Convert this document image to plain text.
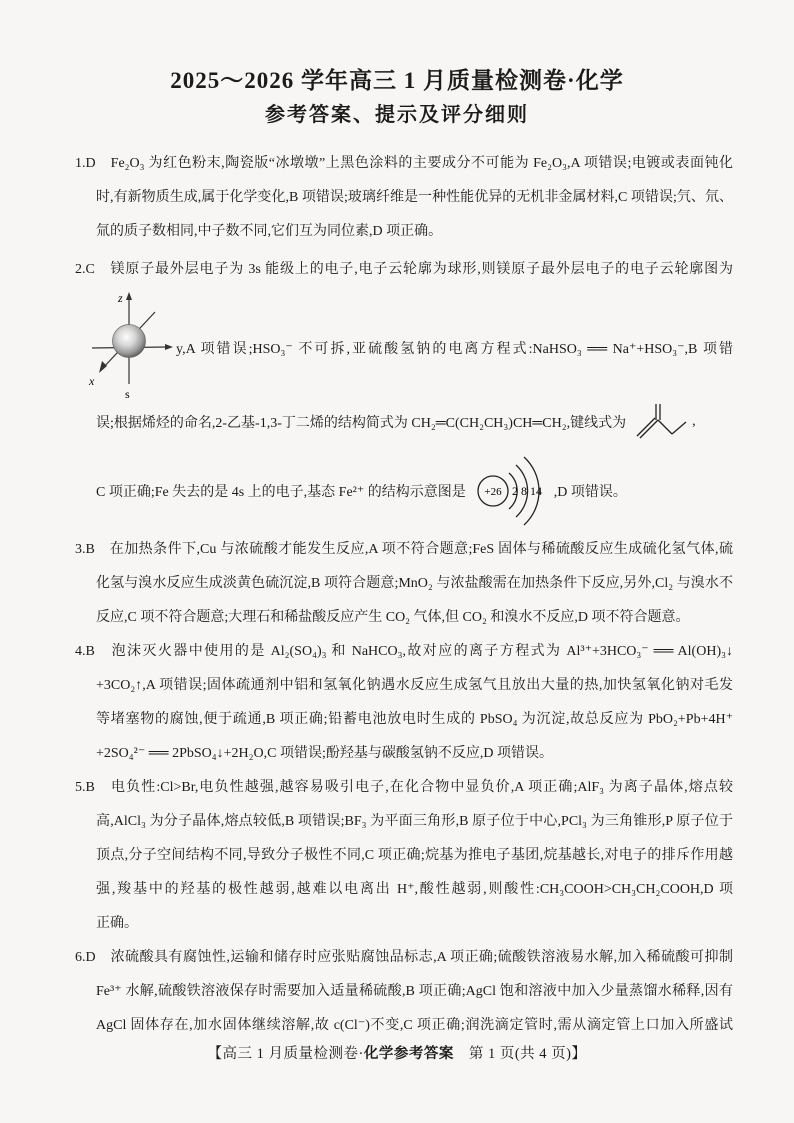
2025～2026 学年高三 1 月质量检测卷·化学
参考答案、提示及评分细则
1.D　Fe₂O₃ 为红色粉末,陶瓷版“冰墩墩”上黑色涂料的主要成分不可能为 Fe₂O₃,A 项错误;电镀或表面钝化
时,有新物质生成,属于化学变化,B 项错误;玻璃纤维是一种性能优异的无机非金属材料,C 项错误;氕、氘、
氚的质子数相同,中子数不同,它们互为同位素,D 项正确。
2.C　镁原子最外层电子为 3s 能级上的电子,电子云轮廓为球形,则镁原子最外层电子的电子云轮廓图为
z
x
s
y,A 项错误;HSO₃⁻ 不可拆,亚硫酸氢钠的电离方程式:NaHSO₃ ══ Na⁺+HSO₃⁻,B 项错
误;根据烯烃的命名,2-乙基-1,3-丁二烯的结构简式为 CH₂═C(CH₂CH₃)CH═CH₂,键线式为	,
C 项正确;Fe 失去的是 4s 上的电子,基态 Fe²⁺ 的结构示意图是 +26 2 8 14 ,D 项错误。
3.B　在加热条件下,Cu 与浓硫酸才能发生反应,A 项不符合题意;FeS 固体与稀硫酸反应生成硫化氢气体,硫
化氢与溴水反应生成淡黄色硫沉淀,B 项符合题意;MnO₂ 与浓盐酸需在加热条件下反应,另外,Cl₂ 与溴水不
反应,C 项不符合题意;大理石和稀盐酸反应产生 CO₂ 气体,但 CO₂ 和溴水不反应,D 项不符合题意。
4.B　泡沫灭火器中使用的是 Al₂(SO₄)₃ 和 NaHCO₃,故对应的离子方程式为 Al³⁺+3HCO₃⁻ ══ Al(OH)₃↓
+3CO₂↑,A 项错误;固体疏通剂中铝和氢氧化钠遇水反应生成氢气且放出大量的热,加快氢氧化钠对毛发
等堵塞物的腐蚀,便于疏通,B 项正确;铅蓄电池放电时生成的 PbSO₄ 为沉淀,故总反应为 PbO₂+Pb+4H⁺
+2SO₄²⁻ ══ 2PbSO₄↓+2H₂O,C 项错误;酚羟基与碳酸氢钠不反应,D 项错误。
5.B　电负性:Cl>Br,电负性越强,越容易吸引电子,在化合物中显负价,A 项正确;AlF₃ 为离子晶体,熔点较
高,AlCl₃ 为分子晶体,熔点较低,B 项错误;BF₃ 为平面三角形,B 原子位于中心,PCl₃ 为三角锥形,P 原子位于
顶点,分子空间结构不同,导致分子极性不同,C 项正确;烷基为推电子基团,烷基越长,对电子的排斥作用越
强,羧基中的羟基的极性越弱,越难以电离出 H⁺,酸性越弱,则酸性:CH₃COOH>CH₃CH₂COOH,D 项
正确。
6.D　浓硫酸具有腐蚀性,运输和储存时应张贴腐蚀品标志,A 项正确;硫酸铁溶液易水解,加入稀硫酸可抑制
Fe³⁺ 水解,硫酸铁溶液保存时需要加入适量稀硫酸,B 项正确;AgCl 饱和溶液中加入少量蒸馏水稀释,因有
AgCl 固体存在,加水固体继续溶解,故 c(Cl⁻)不变,C 项正确;润洗滴定管时,需从滴定管上口加入所盛试
【高三 1 月质量检测卷·化学参考答案　第 1 页(共 4 页)】
